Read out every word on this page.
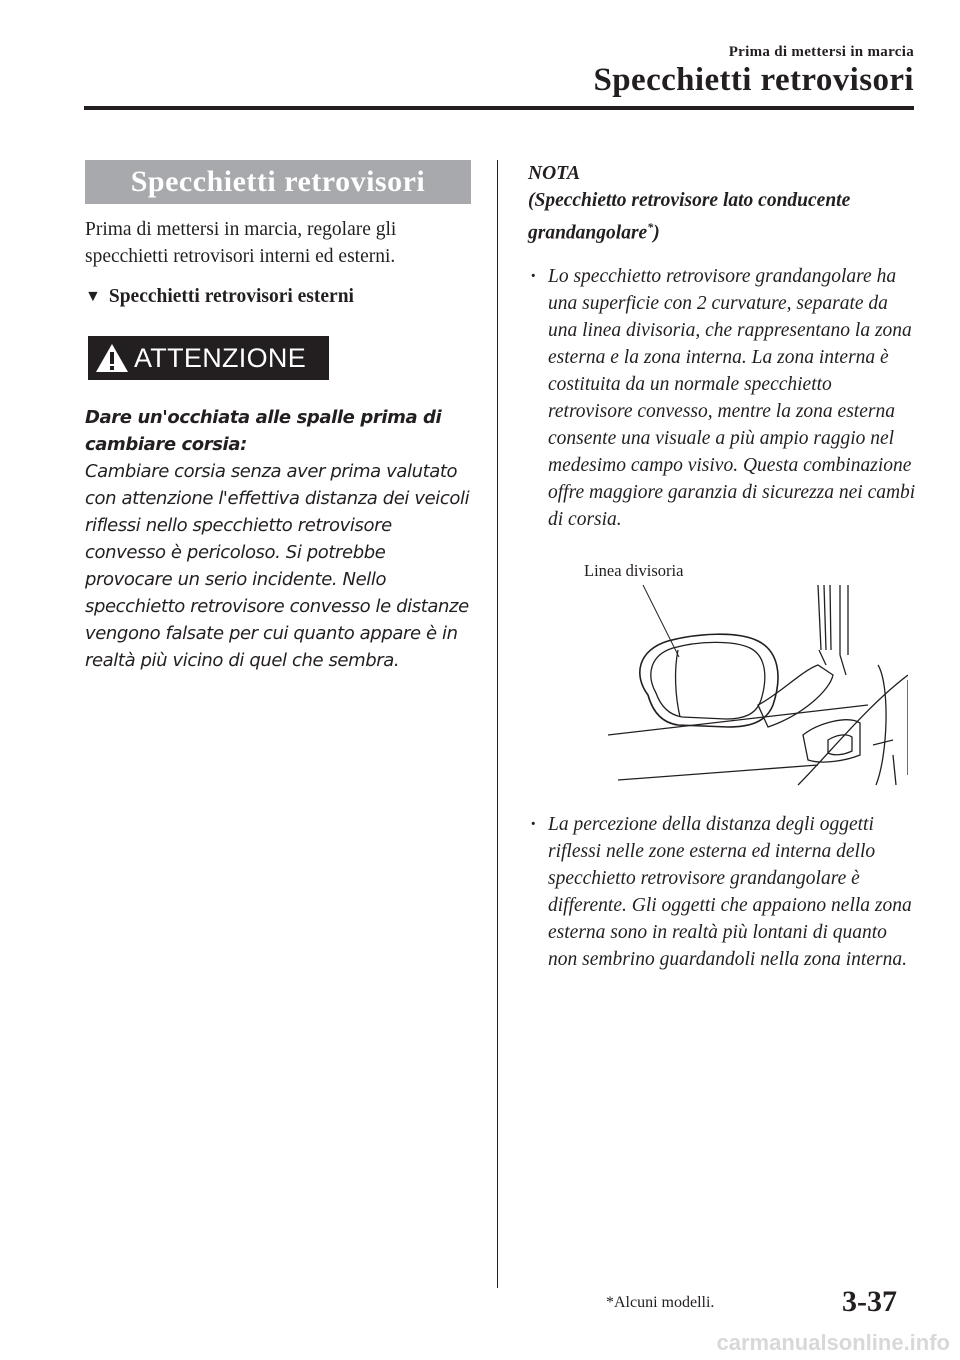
Prima di mettersi in marcia
Specchietti retrovisori
Specchietti retrovisori
Prima di mettersi in marcia, regolare gli specchietti retrovisori interni ed esterni.
▼ Specchietti retrovisori esterni
ATTENZIONE
Dare un'occhiata alle spalle prima di cambiare corsia:
Cambiare corsia senza aver prima valutato con attenzione l'effettiva distanza dei veicoli riflessi nello specchietto retrovisore convesso è pericoloso. Si potrebbe provocare un serio incidente. Nello specchietto retrovisore convesso le distanze vengono falsate per cui quanto appare è in realtà più vicino di quel che sembra.
NOTA
(Specchietto retrovisore lato conducente grandangolare*)
· Lo specchietto retrovisore grandangolare ha una superficie con 2 curvature, separate da una linea divisoria, che rappresentano la zona esterna e la zona interna. La zona interna è costituita da un normale specchietto retrovisore convesso, mentre la zona esterna consente una visuale a più ampio raggio nel medesimo campo visivo. Questa combinazione offre maggiore garanzia di sicurezza nei cambi di corsia.
Linea divisoria
· La percezione della distanza degli oggetti riflessi nelle zone esterna ed interna dello specchietto retrovisore grandangolare è differente. Gli oggetti che appaiono nella zona esterna sono in realtà più lontani di quanto non sembrino guardandoli nella zona interna.
*Alcuni modelli.	3-37
carmanualsonline.info
